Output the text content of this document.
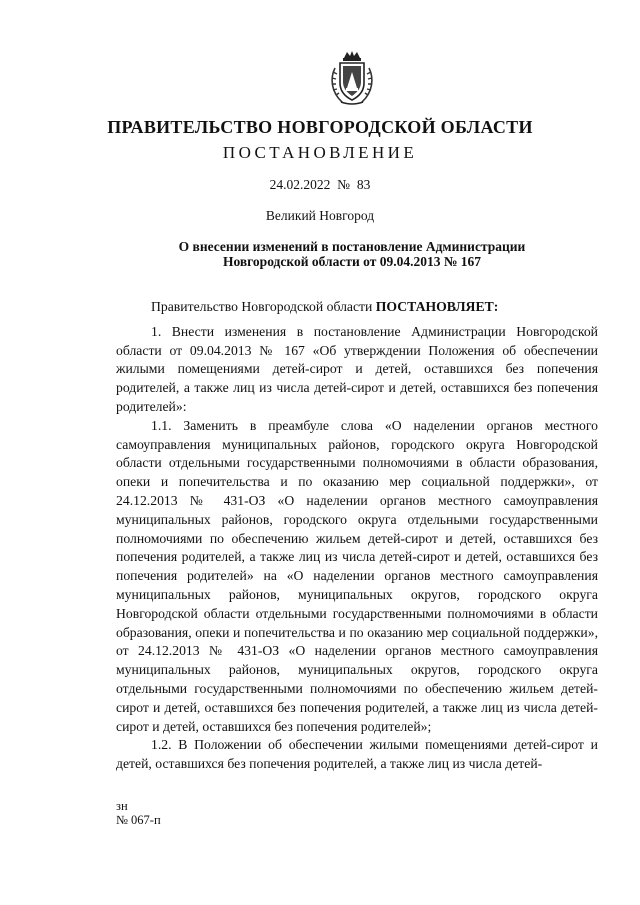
ПРАВИТЕЛЬСТВО НОВГОРОДСКОЙ ОБЛАСТИ
ПОСТАНОВЛЕНИЕ
24.02.2022 № 83
Великий Новгород
О внесении изменений в постановление Администрации
Новгородской области от 09.04.2013 № 167

Правительство Новгородской области ПОСТАНОВЛЯЕТ:

1. Внести изменения в постановление Администрации Новгородской области от 09.04.2013 № 167 «Об утверждении Положения об обеспечении жилыми помещениями детей-сирот и детей, оставшихся без попечения родителей, а также лиц из числа детей-сирот и детей, оставшихся без попечения родителей»:

1.1. Заменить в преамбуле слова «О наделении органов местного самоуправления муниципальных районов, городского округа Новгородской области отдельными государственными полномочиями в области образования, опеки и попечительства и по оказанию мер социальной поддержки», от 24.12.2013 № 431-ОЗ «О наделении органов местного самоуправления муниципальных районов, городского округа отдельными государственными полномочиями по обеспечению жильем детей-сирот и детей, оставшихся без попечения родителей, а также лиц из числа детей-сирот и детей, оставшихся без попечения родителей» на «О наделении органов местного самоуправления муниципальных районов, муниципальных округов, городского округа Новгородской области отдельными государственными полномочиями в области образования, опеки и попечительства и по оказанию мер социальной поддержки», от 24.12.2013 № 431-ОЗ «О наделении органов местного самоуправления муниципальных районов, муниципальных округов, городского округа отдельными государственными полномочиями по обеспечению жильем детей-сирот и детей, оставшихся без попечения родителей, а также лиц из числа детей-сирот и детей, оставшихся без попечения родителей»;

1.2. В Положении об обеспечении жилыми помещениями детей-сирот и детей, оставшихся без попечения родителей, а также лиц из числа детей-

зн
№ 067-п
